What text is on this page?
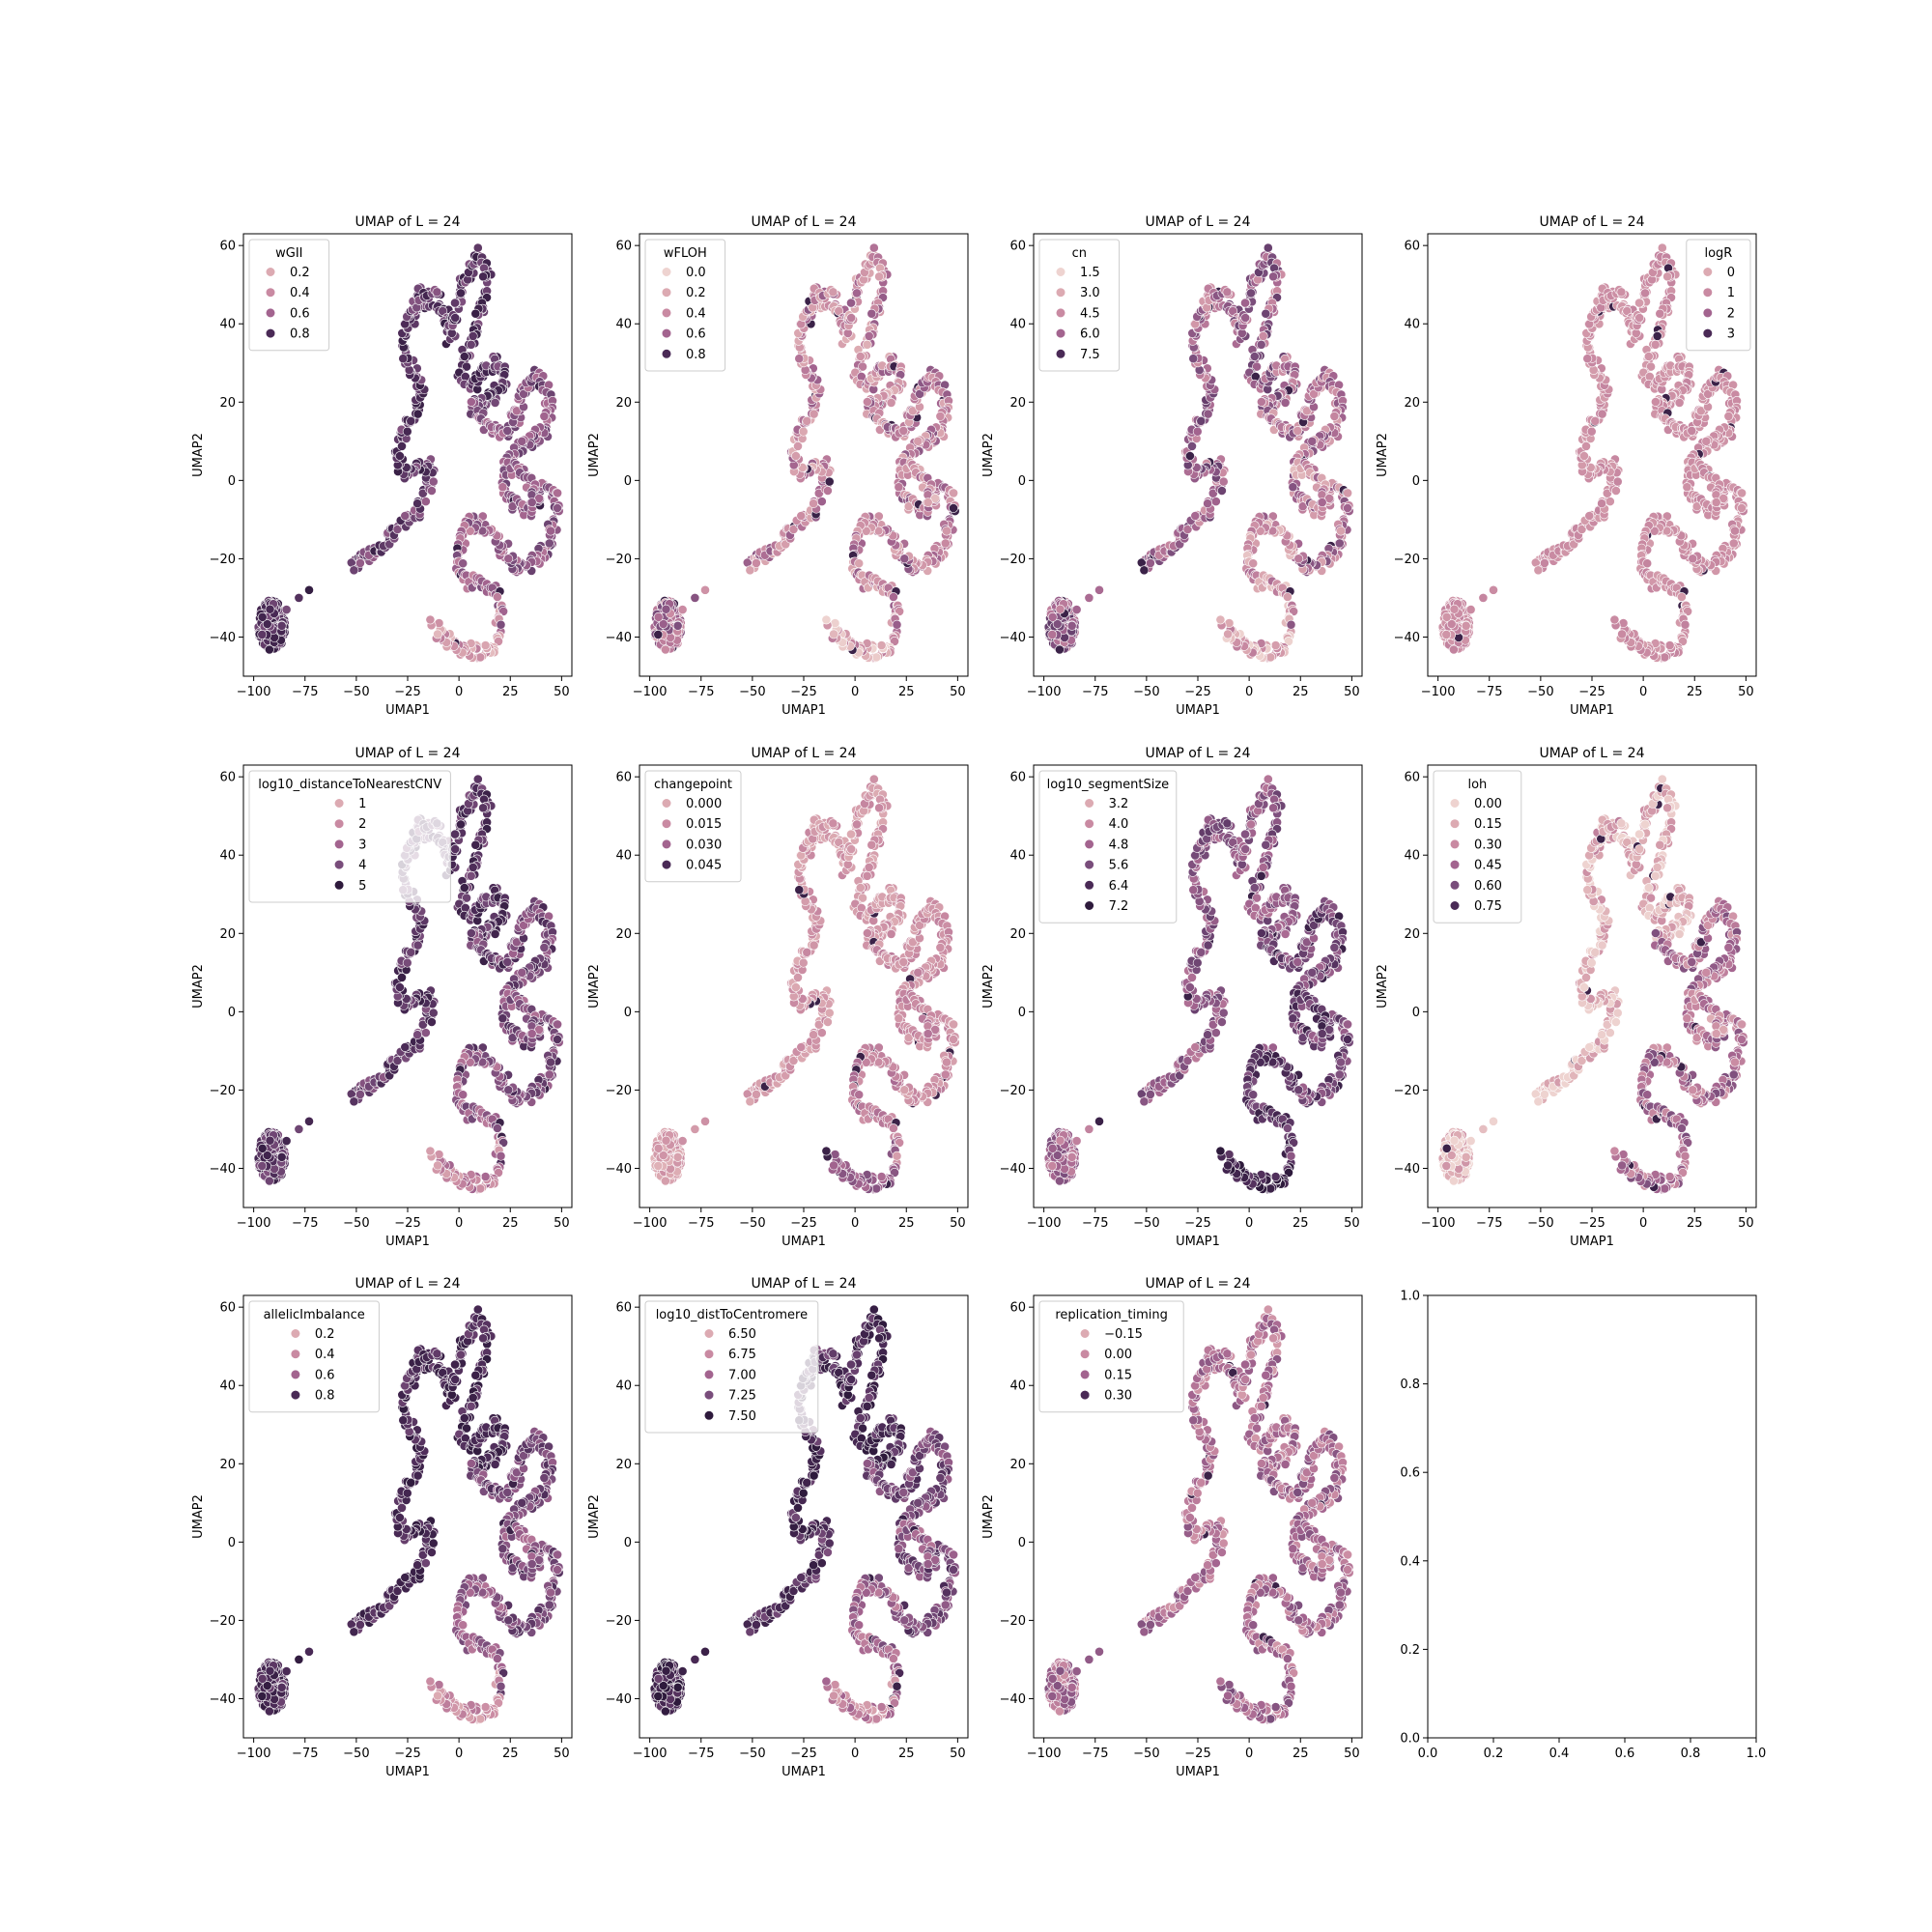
−100 −75 −50 −25	0	25	50
−40
−20
0
20
40
60
UMAP of L = 24
UMAP1
UMAP2
wGII
0.2
0.4
0.6
0.8
−100 −75 −50 −25	0	25	50
−40
−20
0
20
40
60
UMAP of L = 24
UMAP1
UMAP2
wFLOH
0.0
0.2
0.4
0.6
0.8
−100 −75 −50 −25	0	25	50
−40
−20
0
20
40
60
UMAP of L = 24
UMAP1
UMAP2
cn
1.5
3.0
4.5
6.0
7.5
−100 −75 −50 −25	0	25	50
−40
−20
0
20
40
60
UMAP of L = 24
UMAP1
UMAP2
logR
0
1
2
3
−100 −75 −50 −25	0	25	50
−40
−20
0
20
40
60
UMAP of L = 24
UMAP1
UMAP2
log10_distanceToNearestCNV
1
2
3
4
5
−100 −75 −50 −25	0	25	50
−40
−20
0
20
40
60
UMAP of L = 24
UMAP1
UMAP2
changepoint
0.000
0.015
0.030
0.045
−100 −75 −50 −25	0	25	50
−40
−20
0
20
40
60
UMAP of L = 24
UMAP1
UMAP2
log10_segmentSize
3.2
4.0
4.8
5.6
6.4
7.2
−100 −75 −50 −25	0	25	50
−40
−20
0
20
40
60
UMAP of L = 24
UMAP1
UMAP2
loh
0.00
0.15
0.30
0.45
0.60
0.75
−100 −75 −50 −25	0	25	50
−40
−20
0
20
40
60
UMAP of L = 24
UMAP1
UMAP2
allelicImbalance
0.2
0.4
0.6
0.8
−100 −75 −50 −25	0	25	50
−40
−20
0
20
40
60
UMAP of L = 24
UMAP1
UMAP2
log10_distToCentromere
6.50
6.75
7.00
7.25
7.50
−100 −75 −50 −25	0	25	50
−40
−20
0
20
40
60
UMAP of L = 24
UMAP1
UMAP2
replication_timing
−0.15
0.00
0.15
0.30
0.0	0.2	0.4	0.6	0.8	1.0
0.0
0.2
0.4
0.6
0.8
1.0
